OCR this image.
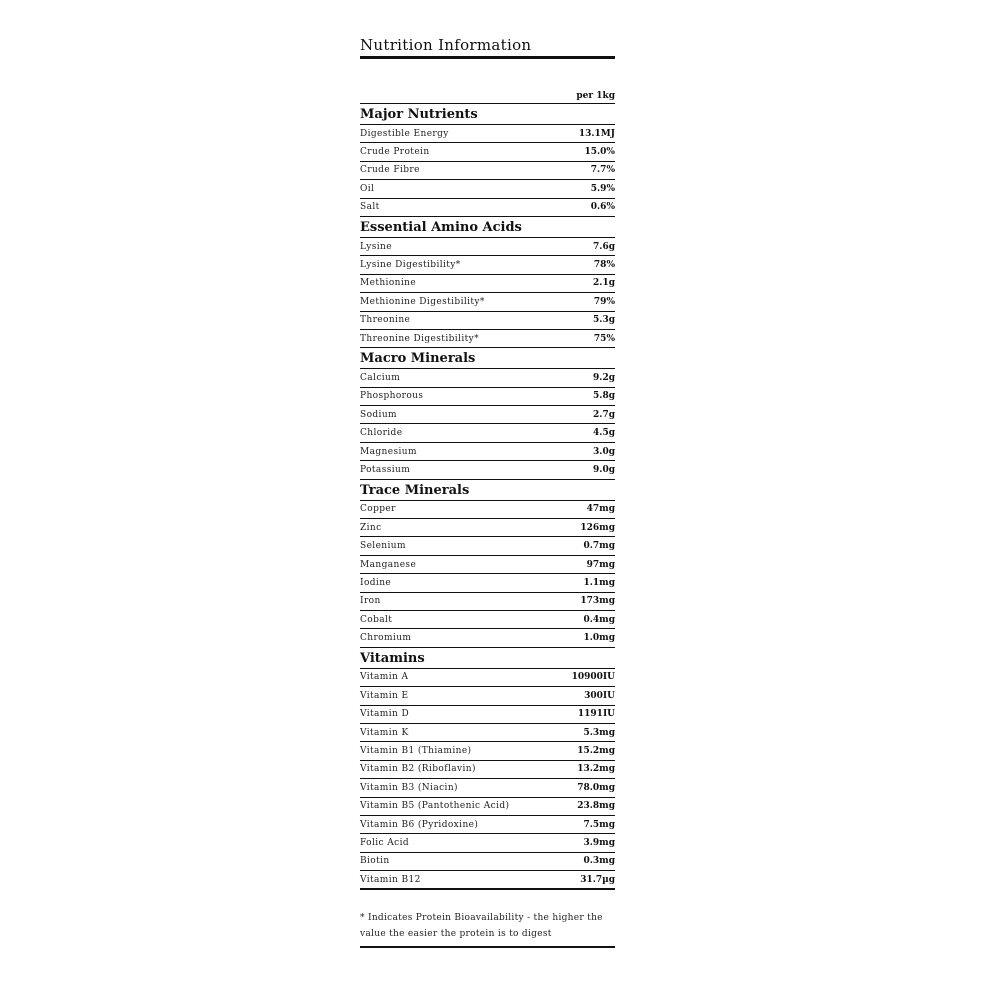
Nutrition Information
per 1kg
Major Nutrients
Digestible Energy	13.1MJ
Crude Protein	15.0%
Crude Fibre	7.7%
Oil	5.9%
Salt	0.6%
Essential Amino Acids
Lysine	7.6g
Lysine Digestibility*	78%
Methionine	2.1g
Methionine Digestibility*	79%
Threonine	5.3g
Threonine Digestibility*	75%
Macro Minerals
Calcium	9.2g
Phosphorous	5.8g
Sodium	2.7g
Chloride	4.5g
Magnesium	3.0g
Potassium	9.0g
Trace Minerals
Copper	47mg
Zinc	126mg
Selenium	0.7mg
Manganese	97mg
Iodine	1.1mg
Iron	173mg
Cobalt	0.4mg
Chromium	1.0mg
Vitamins
Vitamin A	10900IU
Vitamin E	300IU
Vitamin D	1191IU
Vitamin K	5.3mg
Vitamin B1 (Thiamine)	15.2mg
Vitamin B2 (Riboflavin)	13.2mg
Vitamin B3 (Niacin)	78.0mg
Vitamin B5 (Pantothenic Acid)	23.8mg
Vitamin B6 (Pyridoxine)	7.5mg
Folic Acid	3.9mg
Biotin	0.3mg
Vitamin B12	31.7µg
* Indicates Protein Bioavailability - the higher the value the easier the protein is to digest
